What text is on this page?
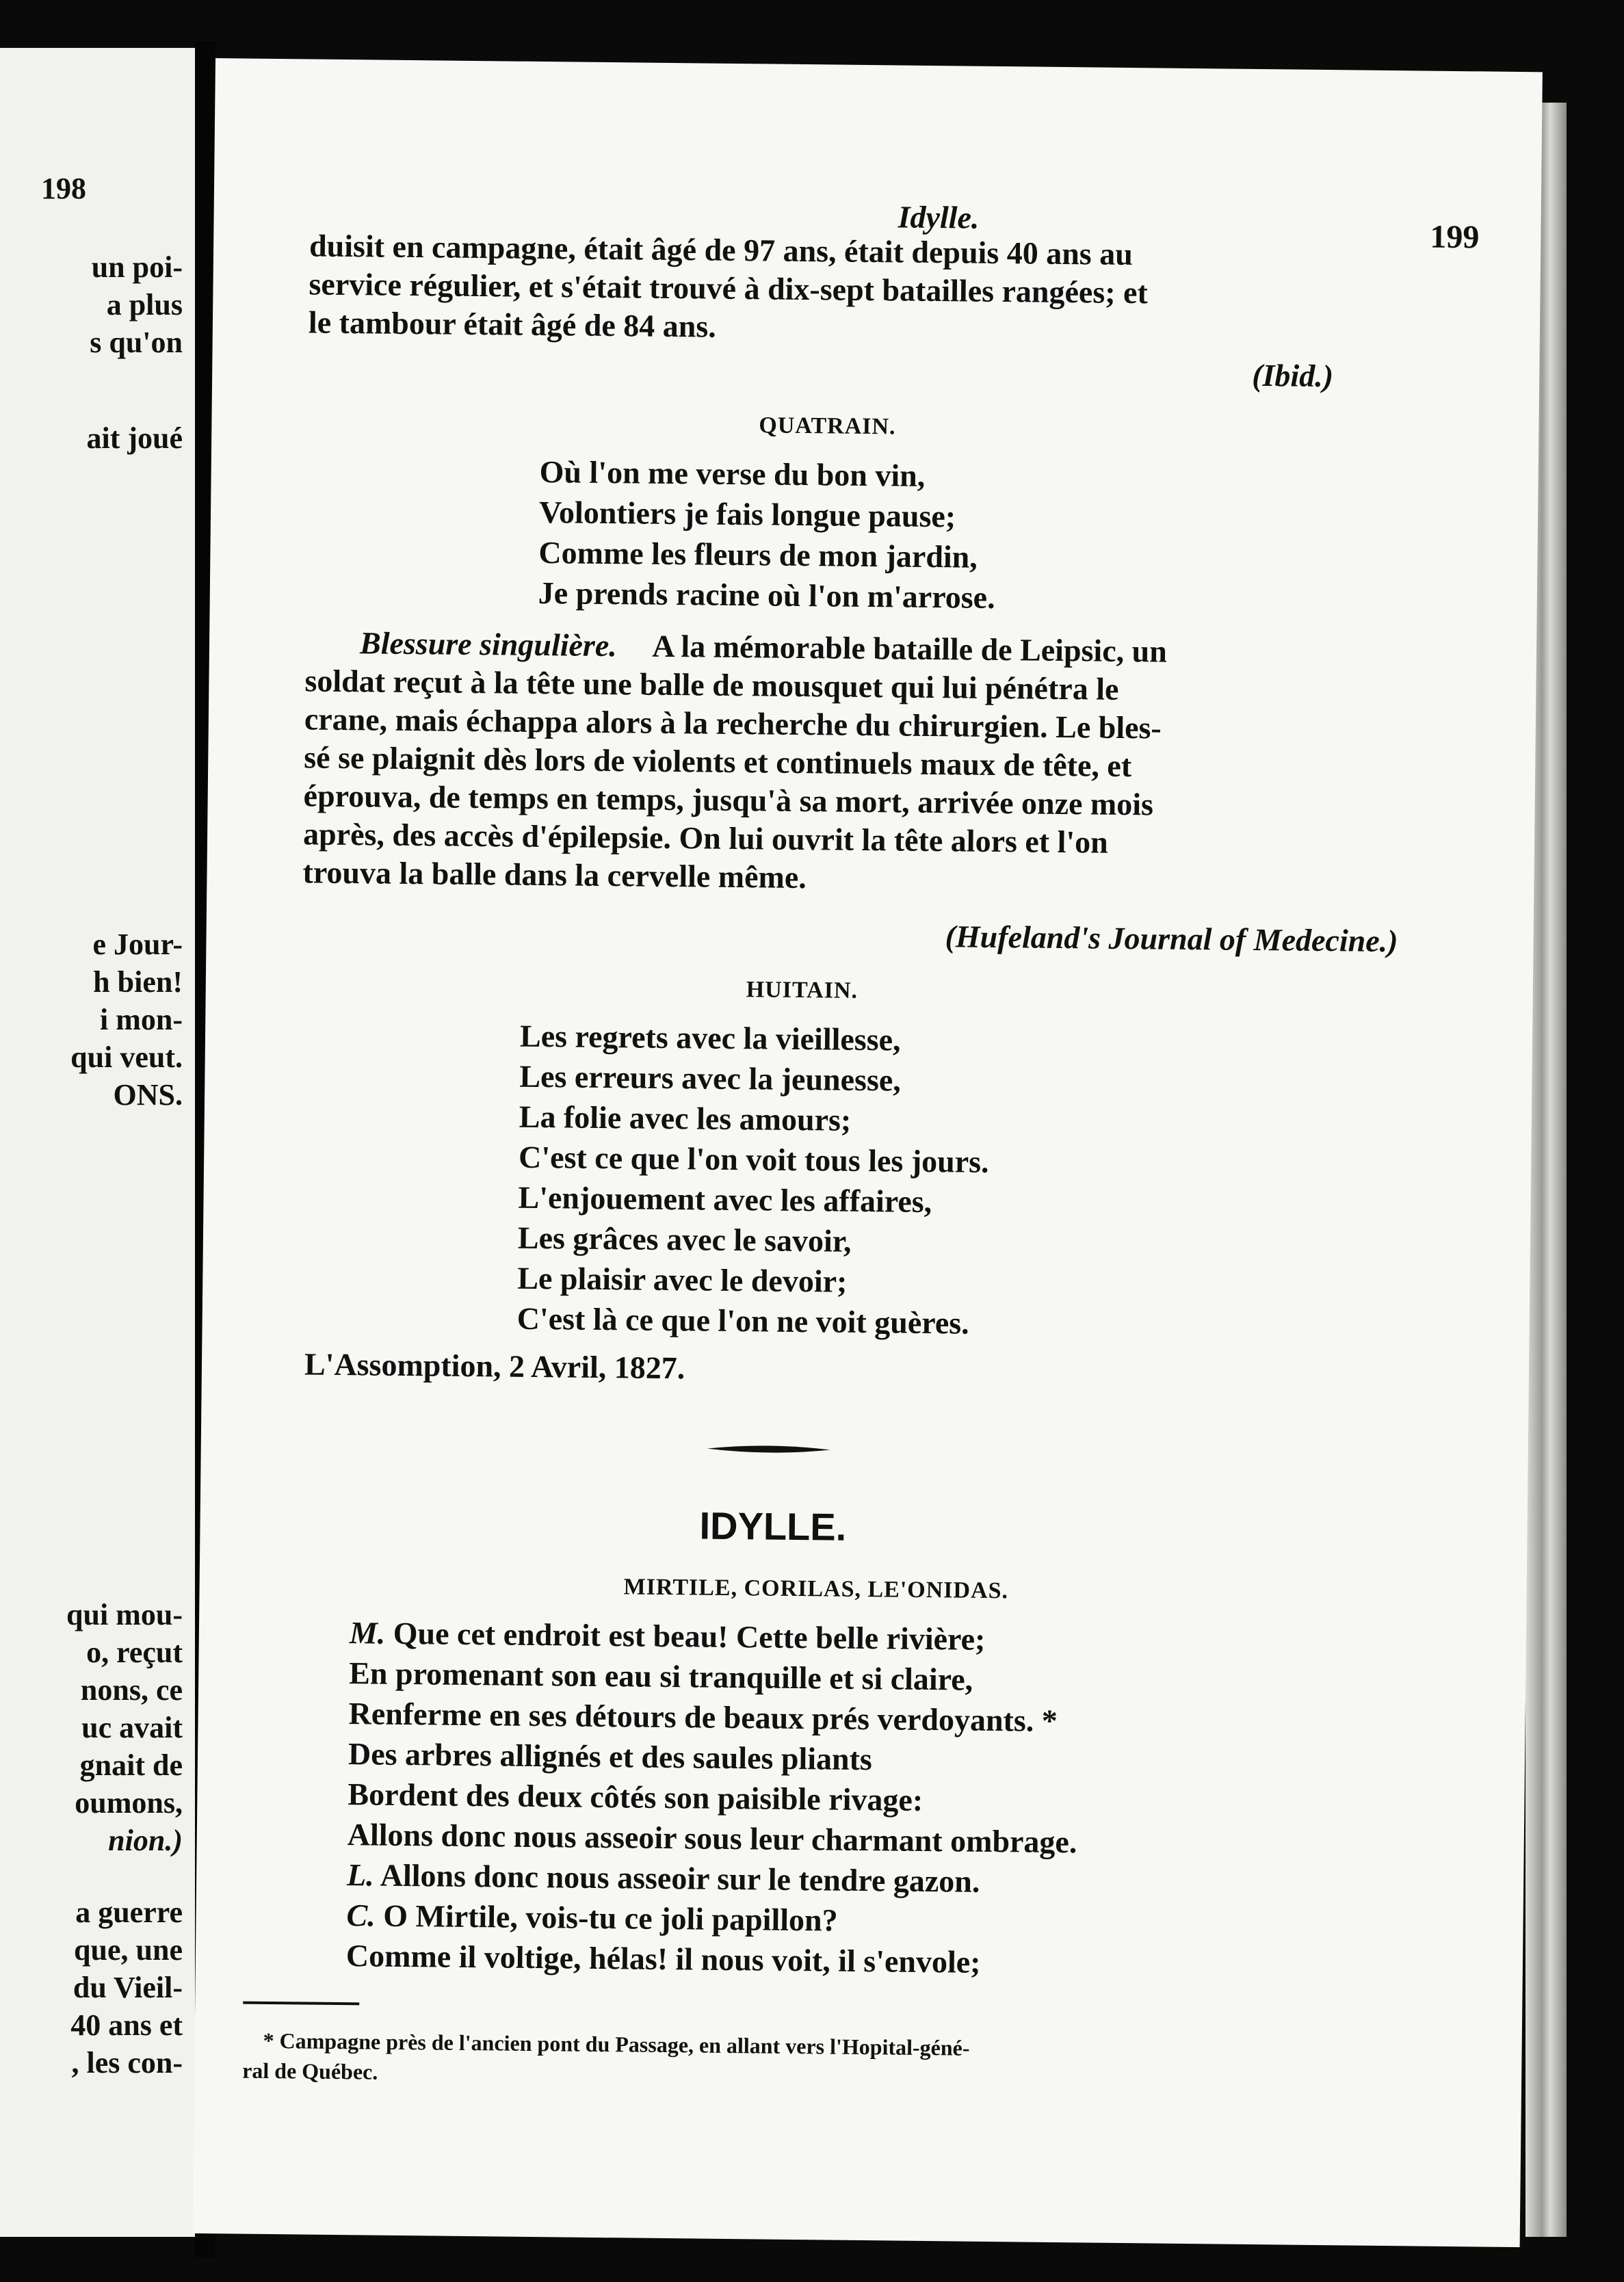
198
un poi-
a plus
s qu'on
ait joué
e Jour-
h bien!
i mon-
qui veut.
ONS.
qui mou-
o, reçut
nons, ce
uc avait
gnait de
oumons,
nion.)
a guerre
que, une
du Vieil-
40 ans et
, les con-
Idylle.
199
duisit en campagne, était âgé de 97 ans, était depuis 40 ans au
service régulier, et s'était trouvé à dix-sept batailles rangées; et
le tambour était âgé de 84 ans.
(Ibid.)
QUATRAIN.
Où l'on me verse du bon vin,
Volontiers je fais longue pause;
Comme les fleurs de mon jardin,
Je prends racine où l'on m'arrose.
Blessure singulière. A la mémorable bataille de Leipsic, un
soldat reçut à la tête une balle de mousquet qui lui pénétra le
crane, mais échappa alors à la recherche du chirurgien. Le bles-
sé se plaignit dès lors de violents et continuels maux de tête, et
éprouva, de temps en temps, jusqu'à sa mort, arrivée onze mois
après, des accès d'épilepsie. On lui ouvrit la tête alors et l'on
trouva la balle dans la cervelle même.
(Hufeland's Journal of Medecine.)
HUITAIN.
Les regrets avec la vieillesse,
Les erreurs avec la jeunesse,
La folie avec les amours;
C'est ce que l'on voit tous les jours.
L'enjouement avec les affaires,
Les grâces avec le savoir,
Le plaisir avec le devoir;
C'est là ce que l'on ne voit guères.
L'Assomption, 2 Avril, 1827.
IDYLLE.
MIRTILE, CORILAS, LE'ONIDAS.
M. Que cet endroit est beau! Cette belle rivière;
En promenant son eau si tranquille et si claire,
Renferme en ses détours de beaux prés verdoyants. *
Des arbres allignés et des saules pliants
Bordent des deux côtés son paisible rivage:
Allons donc nous asseoir sous leur charmant ombrage.
L. Allons donc nous asseoir sur le tendre gazon.
C. O Mirtile, vois-tu ce joli papillon?
Comme il voltige, hélas! il nous voit, il s'envole;
* Campagne près de l'ancien pont du Passage, en allant vers l'Hopital-géné-
ral de Québec.
